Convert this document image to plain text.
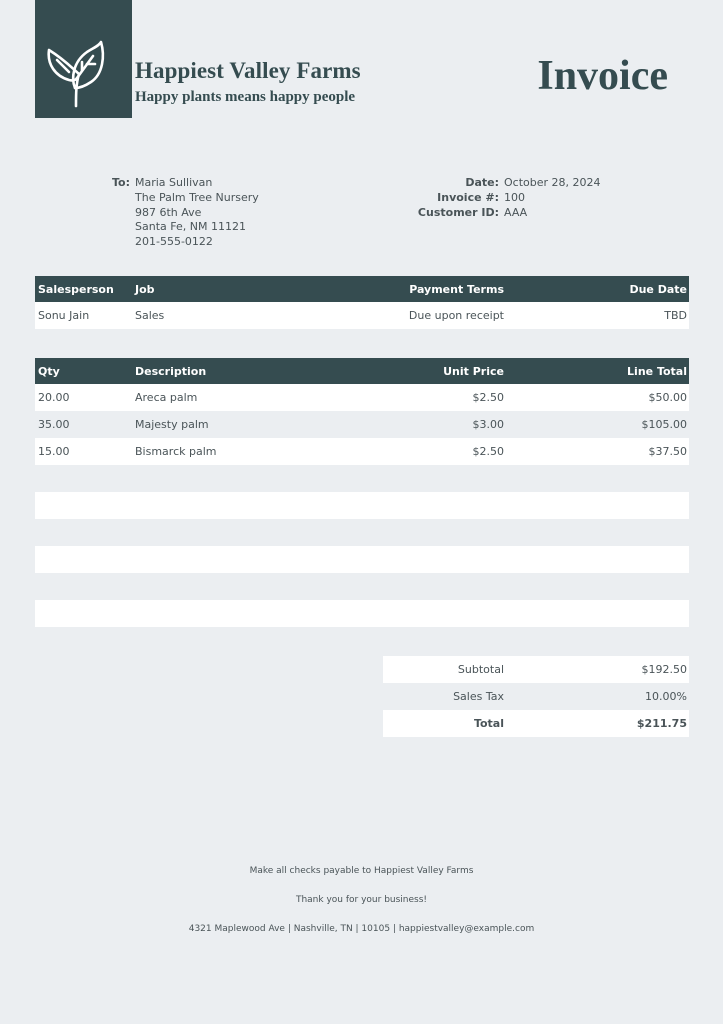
Happiest Valley Farms
Happy plants means happy people	Invoice
To: Maria Sullivan
The Palm Tree Nursery
987 6th Ave
Santa Fe, NM 11121
201-555-0122
Date: October 28, 2024
Invoice #: 100
Customer ID: AAA
Salesperson	Job	Payment Terms	Due Date
Sonu Jain	Sales	Due upon receipt	TBD
Qty	Description	Unit Price	Line Total
20.00	Areca palm	$2.50	$50.00
35.00	Majesty palm	$3.00	$105.00
15.00	Bismarck palm	$2.50	$37.50
Subtotal	$192.50
Sales Tax	10.00%
Total	$211.75
Make all checks payable to Happiest Valley Farms
Thank you for your business!
4321 Maplewood Ave | Nashville, TN | 10105 | happiestvalley@example.com
